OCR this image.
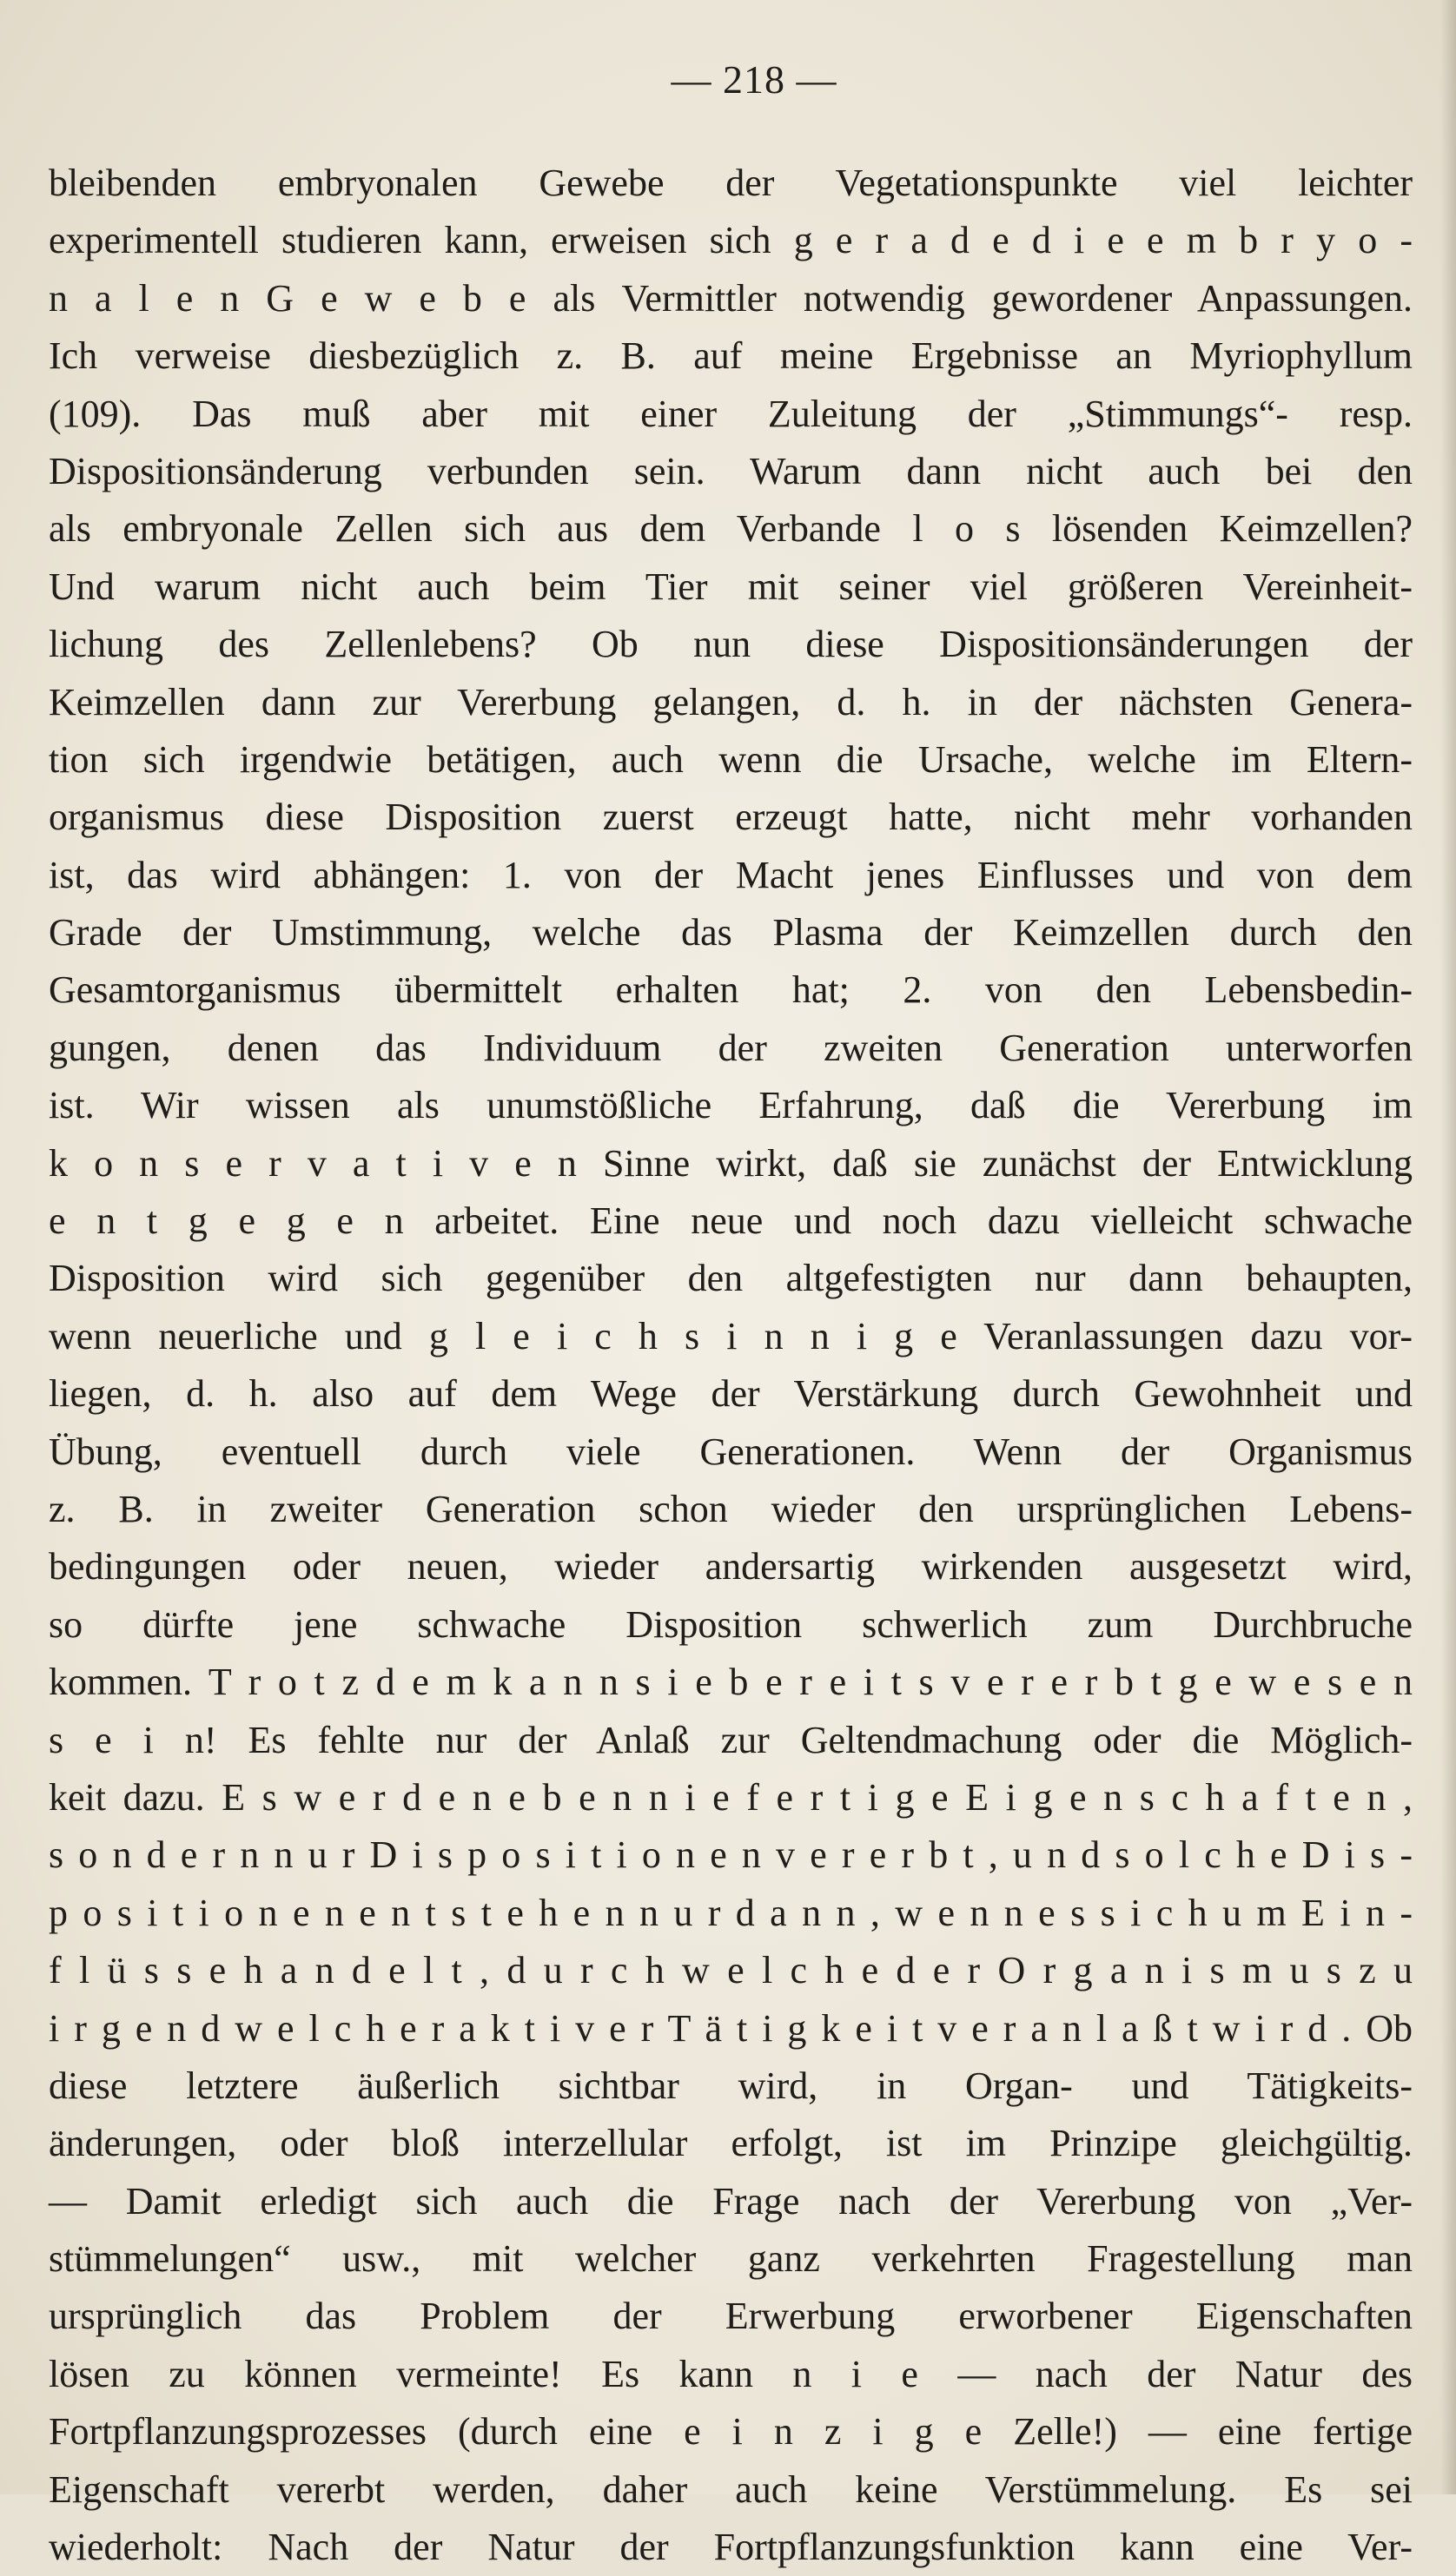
— 218 —
bleibenden embryonalen Gewebe der Vegetationspunkte viel leichter
experimentell studieren kann, erweisen sich g e r a d e d i e e m b r y o -
n a l e n G e w e b e als Vermittler notwendig gewordener Anpassungen.
Ich verweise diesbezüglich z. B. auf meine Ergebnisse an Myriophyllum
(109). Das muß aber mit einer Zuleitung der „Stimmungs“- resp.
Dispositionsänderung verbunden sein. Warum dann nicht auch bei den
als embryonale Zellen sich aus dem Verbande l o s lösenden Keimzellen?
Und warum nicht auch beim Tier mit seiner viel größeren Vereinheit-
lichung des Zellenlebens? Ob nun diese Dispositionsänderungen der
Keimzellen dann zur Vererbung gelangen, d. h. in der nächsten Genera-
tion sich irgendwie betätigen, auch wenn die Ursache, welche im Eltern-
organismus diese Disposition zuerst erzeugt hatte, nicht mehr vorhanden
ist, das wird abhängen: 1. von der Macht jenes Einflusses und von dem
Grade der Umstimmung, welche das Plasma der Keimzellen durch den
Gesamtorganismus übermittelt erhalten hat; 2. von den Lebensbedin-
gungen, denen das Individuum der zweiten Generation unterworfen
ist. Wir wissen als unumstößliche Erfahrung, daß die Vererbung im
k o n s e r v a t i v e n Sinne wirkt, daß sie zunächst der Entwicklung
e n t g e g e n arbeitet. Eine neue und noch dazu vielleicht schwache
Disposition wird sich gegenüber den altgefestigten nur dann behaupten,
wenn neuerliche und g l e i c h s i n n i g e Veranlassungen dazu vor-
liegen, d. h. also auf dem Wege der Verstärkung durch Gewohnheit und
Übung, eventuell durch viele Generationen. Wenn der Organismus
z. B. in zweiter Generation schon wieder den ursprünglichen Lebens-
bedingungen oder neuen, wieder andersartig wirkenden ausgesetzt wird,
so dürfte jene schwache Disposition schwerlich zum Durchbruche
kommen. T r o t z d e m k a n n s i e b e r e i t s v e r e r b t g e w e s e n
s e i n! Es fehlte nur der Anlaß zur Geltendmachung oder die Möglich-
keit dazu. E s w e r d e n e b e n n i e f e r t i g e E i g e n s c h a f t e n ,
s o n d e r n n u r D i s p o s i t i o n e n v e r e r b t , u n d s o l c h e D i s -
p o s i t i o n e n e n t s t e h e n n u r d a n n , w e n n e s s i c h u m E i n -
f l ü s s e h a n d e l t , d u r c h w e l c h e d e r O r g a n i s m u s z u
i r g e n d w e l c h e r a k t i v e r T ä t i g k e i t v e r a n l a ß t w i r d . Ob
diese letztere äußerlich sichtbar wird, in Organ- und Tätigkeits-
änderungen, oder bloß interzellular erfolgt, ist im Prinzipe gleichgültig.
— Damit erledigt sich auch die Frage nach der Vererbung von „Ver-
stümmelungen“ usw., mit welcher ganz verkehrten Fragestellung man
ursprünglich das Problem der Erwerbung erworbener Eigenschaften
lösen zu können vermeinte! Es kann n i e — nach der Natur des
Fortpflanzungsprozesses (durch eine e i n z i g e Zelle!) — eine fertige
Eigenschaft vererbt werden, daher auch keine Verstümmelung. Es sei
wiederholt: Nach der Natur der Fortpflanzungsfunktion kann eine Ver-
